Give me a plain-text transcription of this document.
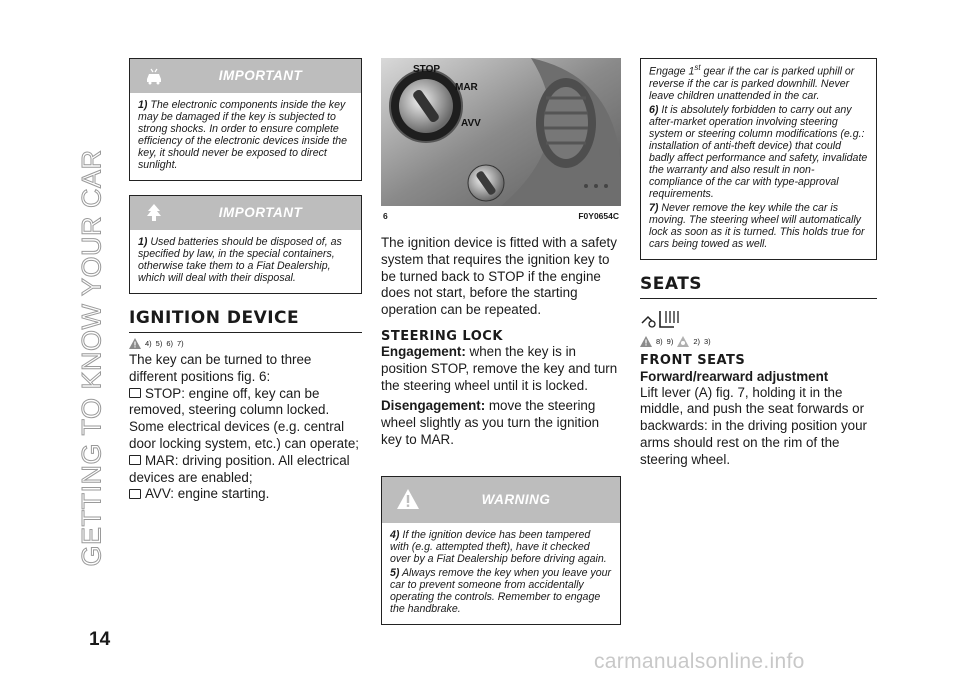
GETTING TO KNOW YOUR CAR
IMPORTANT

1) The electronic components inside the key may be damaged if the key is subjected to strong shocks. In order to ensure complete efficiency of the electronic devices inside the key, it should never be exposed to direct sunlight.

IMPORTANT

1) Used batteries should be disposed of, as specified by law, in the special containers, otherwise take them to a Fiat Dealership, which will deal with their disposal.

IGNITION DEVICE
4) 5) 6) 7)

The key can be turned to three different positions fig. 6:

STOP: engine off, key can be removed, steering column locked. Some electrical devices (e.g. central door locking system, etc.) can operate;

MAR: driving position. All electrical devices are enabled;

AVV: engine starting.

STOP
MAR
AVV
6	F0Y0654C

The ignition device is fitted with a safety system that requires the ignition key to be turned back to STOP if the engine does not start, before the starting operation can be repeated.

STEERING LOCK

Engagement: when the key is in position STOP, remove the key and turn the steering wheel until it is locked.

Disengagement: move the steering wheel slightly as you turn the ignition key to MAR.

WARNING

4) If the ignition device has been tampered with (e.g. attempted theft), have it checked over by a Fiat Dealership before driving again.

5) Always remove the key when you leave your car to prevent someone from accidentally operating the controls. Remember to engage the handbrake.

Engage 1st gear if the car is parked uphill or reverse if the car is parked downhill. Never leave children unattended in the car.

6) It is absolutely forbidden to carry out any after-market operation involving steering system or steering column modifications (e.g.: installation of anti-theft device) that could badly affect performance and safety, invalidate the warranty and also result in non-compliance of the car with type-approval requirements.

7) Never remove the key while the car is moving. The steering wheel will automatically lock as soon as it is turned. This holds true for cars being towed as well.

SEATS
8) 9)	2) 3)
FRONT SEATS
Forward/rearward adjustment

Lift lever (A) fig. 7, holding it in the middle, and push the seat forwards or backwards: in the driving position your arms should rest on the rim of the steering wheel.

14
carmanualsonline.info
